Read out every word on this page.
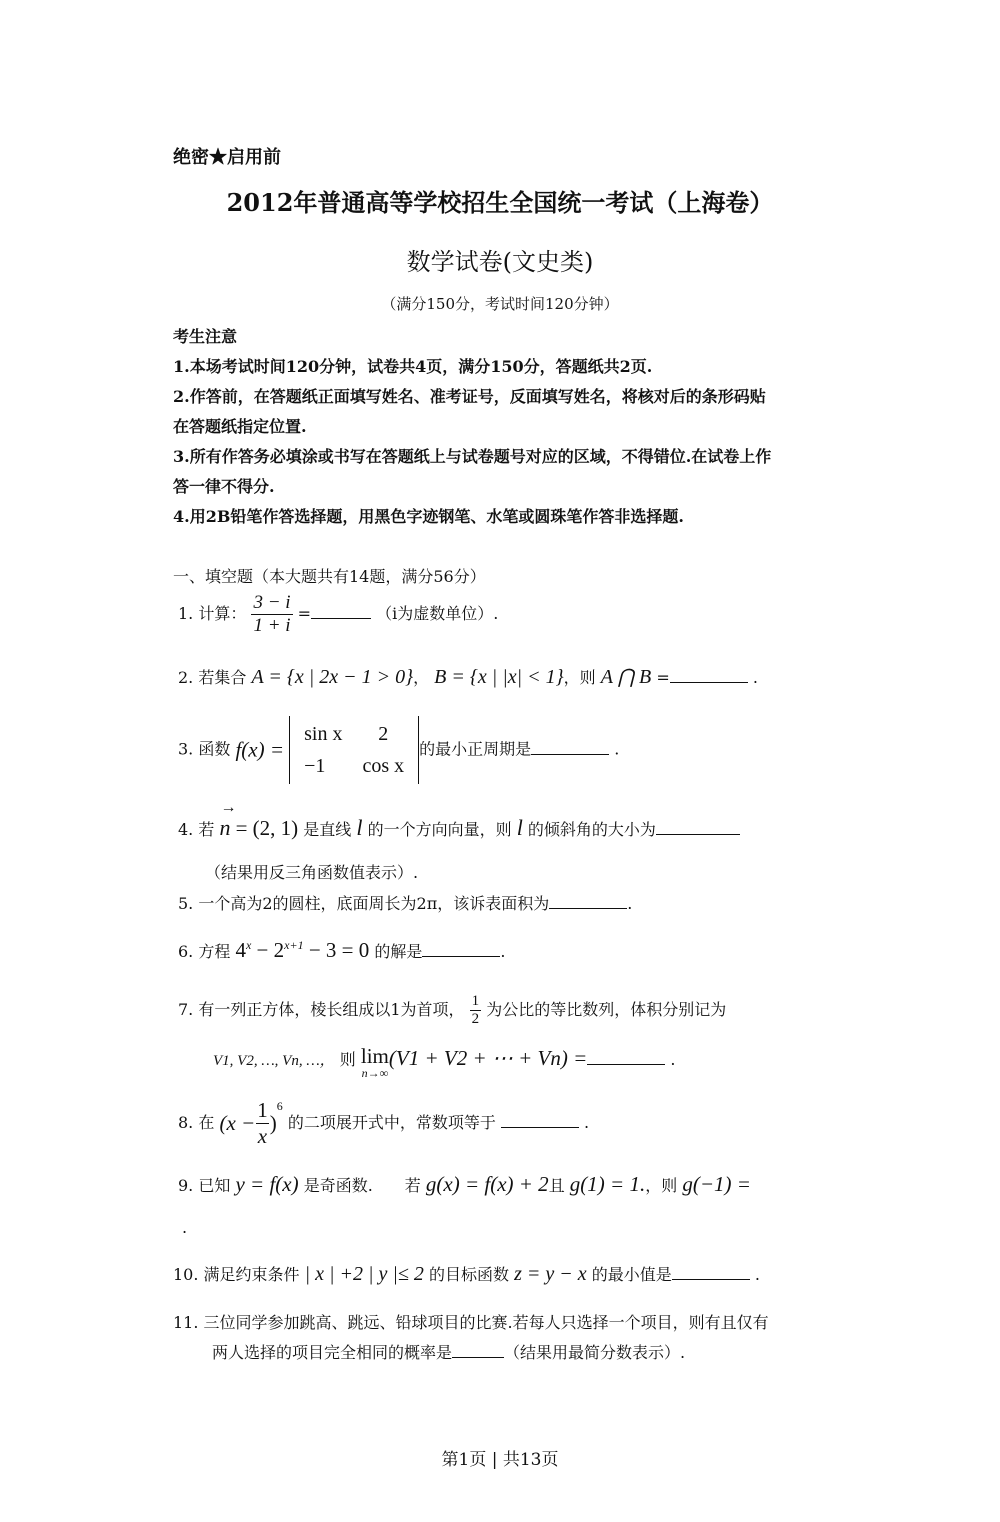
绝密★启用前
2012年普通高等学校招生全国统一考试（上海卷）
数学试卷(文史类)
（满分150分，考试时间120分钟）
考生注意
1.本场考试时间120分钟，试卷共4页，满分150分，答题纸共2页.
2.作答前，在答题纸正面填写姓名、准考证号，反面填写姓名，将核对后的条形码贴
在答题纸指定位置.
3.所有作答务必填涂或书写在答题纸上与试卷题号对应的区域，不得错位.在试卷上作
答一律不得分.
4.用2B铅笔作答选择题，用黑色字迹钢笔、水笔或圆珠笔作答非选择题.
一、填空题（本大题共有14题，满分56分）
1. 计算： $\frac{3 - i}{1 + i}$ =	（i为虚数单位）.
2. 若集合 A = {x | 2x − 1 > 0}， B = {x | |x| < 1}，则 A ⋂ B =	.
3. 函数 f(x) =
sin x	2
−1	cos x
的最小正周期是	.
4. 若
→
n = (2, 1) 是直线 l 的一个方向向量，则 l 的倾斜角的大小为
（结果用反三角函数值表示）.
5. 一个高为2的圆柱，底面周长为2π，该诉表面积为	.
6. 方程 $4^x - 2^{x+1} - 3 = 0$ 的解是	.
7. 有一列正方体，棱长组成以1为首项， $\frac{1}{2}$ 为公比的等比数列，体积分别记为
V1, V2, …, Vn, …， 则 lim
n→∞
(V1 + V2 + ⋯ + Vn) =	.
8. 在 $(x - \frac{1}{x} )^6$ 的二项展开式中，常数项等于	.
9. 已知 y = f(x) 是奇函数.　　若 g(x) = f(x) + 2且 g(1) = 1.，则 g(−1) =
.
10. 满足约束条件 | x | +2 | y |≤ 2 的目标函数 z = y − x 的最小值是	.
11. 三位同学参加跳高、跳远、铅球项目的比赛.若每人只选择一个项目，则有且仅有
两人选择的项目完全相同的概率是	（结果用最简分数表示）.
第1页 | 共13页
